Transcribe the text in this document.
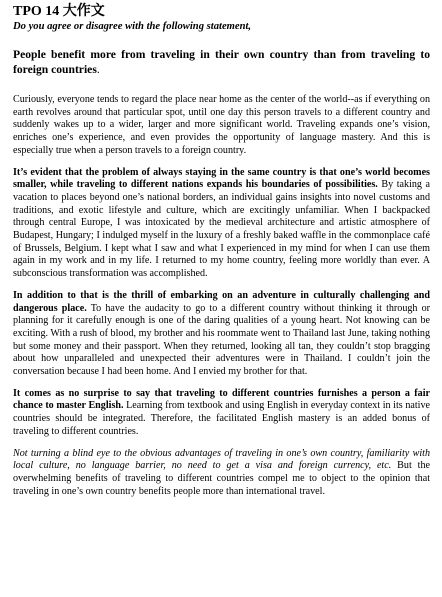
TPO 14 大作文
Do you agree or disagree with the following statement,
People benefit more from traveling in their own country than from traveling to foreign countries.

Curiously, everyone tends to regard the place near home as the center of the world--as if everything on earth revolves around that particular spot, until one day this person travels to a different country and suddenly wakes up to a wider, larger and more significant world. Traveling expands one’s vision, enriches one’s experience, and even provides the opportunity of language mastery. And this is especially true when a person travels to a foreign country.

It’s evident that the problem of always staying in the same country is that one’s world becomes smaller, while traveling to different nations expands his boundaries of possibilities. By taking a vacation to places beyond one’s national borders, an individual gains insights into novel customs and traditions, and exotic lifestyle and culture, which are excitingly unfamiliar. When I backpacked through central Europe, I was intoxicated by the medieval architecture and artistic atmosphere of Budapest, Hungary; I indulged myself in the luxury of a freshly baked waffle in the commonplace café of Brussels, Belgium. I kept what I saw and what I experienced in my mind for when I can use them again in my work and in my life. I returned to my home country, feeling more worldly than ever. A subconscious transformation was accomplished.

In addition to that is the thrill of embarking on an adventure in culturally challenging and dangerous place. To have the audacity to go to a different country without thinking it through or planning for it carefully enough is one of the daring qualities of a young heart. Not knowing can be exciting. With a rush of blood, my brother and his roommate went to Thailand last June, taking nothing but some money and their passport. When they returned, looking all tan, they couldn’t stop bragging about how unparalleled and unexpected their adventures were in Thailand. I couldn’t join the conversation because I had been home. And I envied my brother for that.

It comes as no surprise to say that traveling to different countries furnishes a person a fair chance to master English. Learning from textbook and using English in everyday context in its native countries should be integrated. Therefore, the facilitated English mastery is an added bonus of traveling to different countries.

Not turning a blind eye to the obvious advantages of traveling in one’s own country, familiarity with local culture, no language barrier, no need to get a visa and foreign currency, etc. But the overwhelming benefits of traveling to different countries compel me to object to the opinion that traveling in one’s own country benefits people more than international travel.
